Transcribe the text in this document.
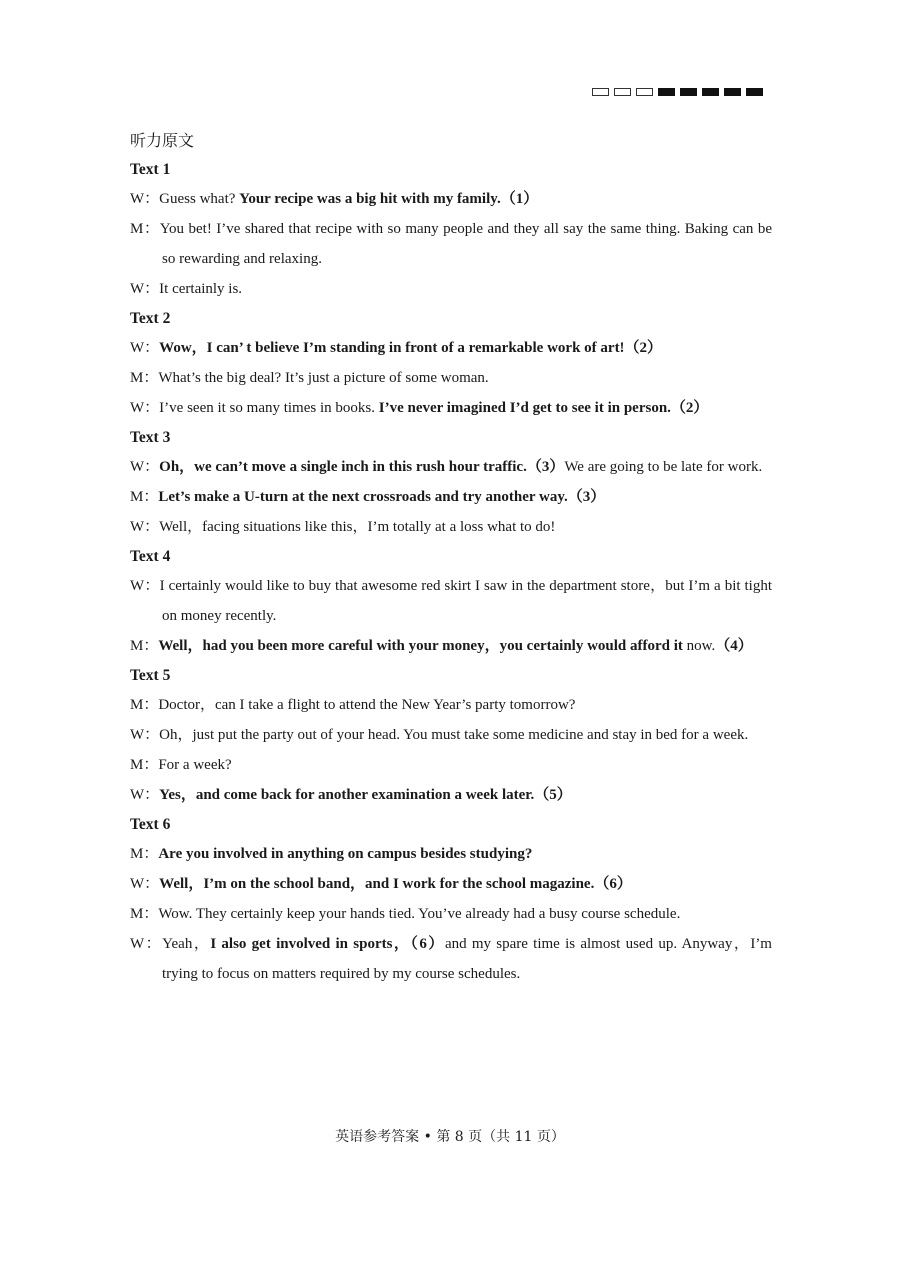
听力原文
Text 1
W：Guess what? Your recipe was a big hit with my family.（1）
M：You bet! I’ve shared that recipe with so many people and they all say the same thing. Baking can be so rewarding and relaxing.
W：It certainly is.
Text 2
W：Wow，I can’ t believe I’m standing in front of a remarkable work of art!（2）
M：What’s the big deal? It’s just a picture of some woman.
W：I’ve seen it so many times in books. I’ve never imagined I’d get to see it in person.（2）
Text 3
W：Oh，we can’t move a single inch in this rush hour traffic.（3）We are going to be late for work.
M：Let’s make a U-turn at the next crossroads and try another way.（3）
W：Well，facing situations like this，I’m totally at a loss what to do!
Text 4
W：I certainly would like to buy that awesome red skirt I saw in the department store，but I’m a bit tight on money recently.
M：Well，had you been more careful with your money，you certainly would afford it now.（4）
Text 5
M：Doctor，can I take a flight to attend the New Year’s party tomorrow?
W：Oh，just put the party out of your head. You must take some medicine and stay in bed for a week.
M：For a week?
W：Yes，and come back for another examination a week later.（5）
Text 6
M：Are you involved in anything on campus besides studying?
W：Well，I’m on the school band，and I work for the school magazine.（6）
M：Wow. They certainly keep your hands tied. You’ve already had a busy course schedule.
W：Yeah，I also get involved in sports，（6）and my spare time is almost used up. Anyway，I’m trying to focus on matters required by my course schedules.
英语参考答案 • 第 8 页（共 11 页）
